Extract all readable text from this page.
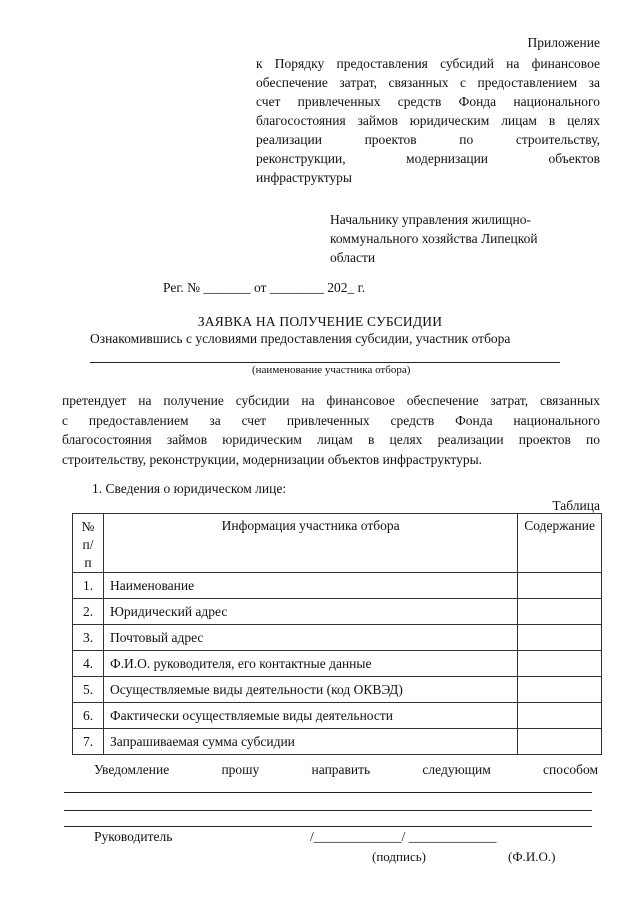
Приложение
к Порядку предоставления субсидий на финансовое
обеспечение затрат, связанных с предоставлением за
счет привлеченных средств Фонда национального
благосостояния займов юридическим лицам в целях
реализации проектов по строительству,
реконструкции, модернизации объектов
инфраструктуры
Начальнику управления жилищно-
коммунального хозяйства Липецкой
области
Рег. № _______ от ________ 202_ г.
ЗАЯВКА НА ПОЛУЧЕНИЕ СУБСИДИИ
Ознакомившись с условиями предоставления субсидии, участник отбора
(наименование участника отбора)
претендует на получение субсидии на финансовое обеспечение затрат, связанных
с предоставлением за счет привлеченных средств Фонда национального
благосостояния займов юридическим лицам в целях реализации проектов по
строительству, реконструкции, модернизации объектов инфраструктуры.
1. Сведения о юридическом лице:
Таблица
№
п/п	Информация участника отбора	Содержание
1.	Наименование	
2.	Юридический адрес	
3.	Почтовый адрес	
4.	Ф.И.О. руководителя, его контактные данные	
5.	Осуществляемые виды деятельности (код ОКВЭД)	
6.	Фактически осуществляемые виды деятельности	
7.	Запрашиваемая сумма субсидии	
Уведомление прошу направить следующим способом
Руководитель	/_____________/ _____________
(подпись)	(Ф.И.О.)
